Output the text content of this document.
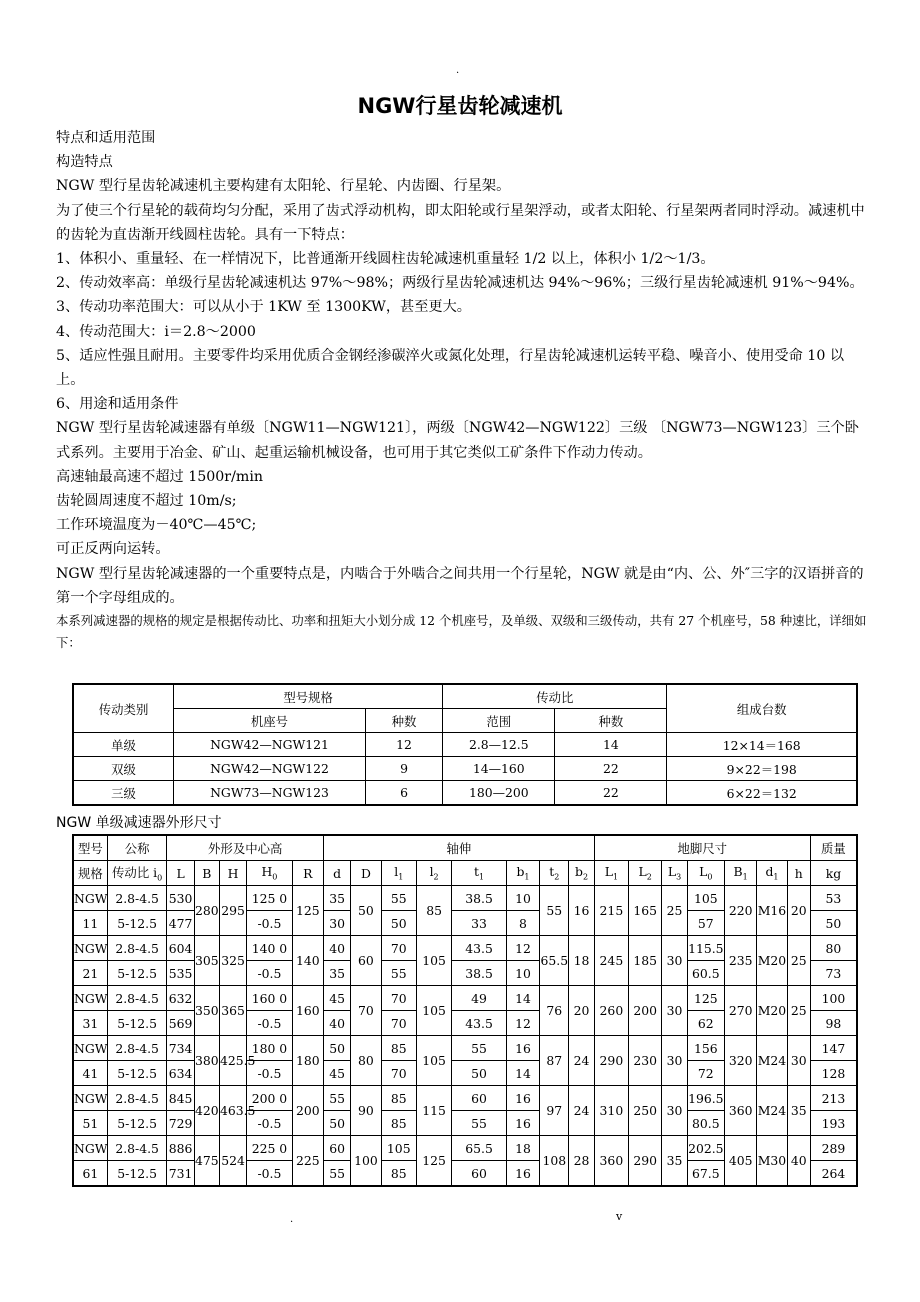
.
NGW行星齿轮减速机

特点和适用范围

构造特点

NGW 型行星齿轮减速机主要构建有太阳轮、行星轮、内齿圈、行星架。

为了使三个行星轮的载荷均匀分配，采用了齿式浮动机构，即太阳轮或行星架浮动，或者太阳轮、行星架两者同时浮动。减速机中的齿轮为直齿渐开线圆柱齿轮。具有一下特点：

1、体积小、重量轻、在一样情况下，比普通渐开线圆柱齿轮减速机重量轻 1/2 以上，体积小 1/2～1/3。

2、传动效率高：单级行星齿轮减速机达 97%～98%；两级行星齿轮减速机达 94%～96%；三级行星齿轮减速机 91%～94%。

3、传动功率范围大：可以从小于 1KW 至 1300KW，甚至更大。

4、传动范围大：i＝2.8～2000

5、适应性强且耐用。主要零件均采用优质合金钢经渗碳淬火或氮化处理，行星齿轮减速机运转平稳、噪音小、使用受命 10 以上。

6、用途和适用条件

NGW 型行星齿轮减速器有单级〔NGW11—NGW121〕，两级〔NGW42—NGW122〕三级 〔NGW73—NGW123〕三个卧式系列。主要用于冶金、矿山、起重运输机械设备，也可用于其它类似工矿条件下作动力传动。

高速轴最高速不超过 1500r/min

齿轮圆周速度不超过 10m/s;

工作环境温度为－40℃—45℃;

可正反两向运转。

NGW 型行星齿轮减速器的一个重要特点是，内啮合于外啮合之间共用一个行星轮，NGW 就是由“内、公、外″三字的汉语拼音的第一个字母组成的。

本系列减速器的规格的规定是根据传动比、功率和扭矩大小划分成 12 个机座号，及单级、双级和三级传动，共有 27 个机座号，58 种速比，详细如下：

传动类别	型号规格		传动比		组成台数
	机座号	种数	范围	种数	
单级	NGW42—NGW121	12	2.8—12.5	14	12×14＝168
双级	NGW42—NGW122	9	14—160	22	9×22＝198
三级	NGW73—NGW123	6	180—200	22	6×22＝132
NGW 单级减速器外形尺寸
型号	公称	外形及中心高					轴伸								地脚尺寸							质量
规格	传动比 $i_0$	L	B	H	$H_0$	R	d	D	$l_1$	$l_2$	$t_1$	$b_1$	$t_2$	$b_2$	$L_1$	$L_2$	$L_3$	$L_0$	$B_1$	$d_1$	h	kg
NGW	2.8-4.5	530	280	295	125 0	125	35	50	55	85	38.5	10	55	16	215	165	25	105	220	M16	20	53
11	5-12.5	477			-0.5		30		50		33	8						57				50
NGW	2.8-4.5	604	305	325	140 0	140	40	60	70	105	43.5	12	65.5	18	245	185	30	115.5	235	M20	25	80
21	5-12.5	535			-0.5		35		55		38.5	10						60.5				73
NGW	2.8-4.5	632	350	365	160 0	160	45	70	70	105	49	14	76	20	260	200	30	125	270	M20	25	100
31	5-12.5	569			-0.5		40		70		43.5	12						62				98
NGW	2.8-4.5	734	380	425.5	180 0	180	50	80	85	105	55	16	87	24	290	230	30	156	320	M24	30	147
41	5-12.5	634			-0.5		45		70		50	14						72				128
NGW	2.8-4.5	845	420	463.5	200 0	200	55	90	85	115	60	16	97	24	310	250	30	196.5	360	M24	35	213
51	5-12.5	729			-0.5		50		85		55	16						80.5				193
NGW	2.8-4.5	886	475	524	225 0	225	60	100	105	125	65.5	18	108	28	360	290	35	202.5	405	M30	40	289
61	5-12.5	731			-0.5		55		85		60	16						67.5				264
.	v
